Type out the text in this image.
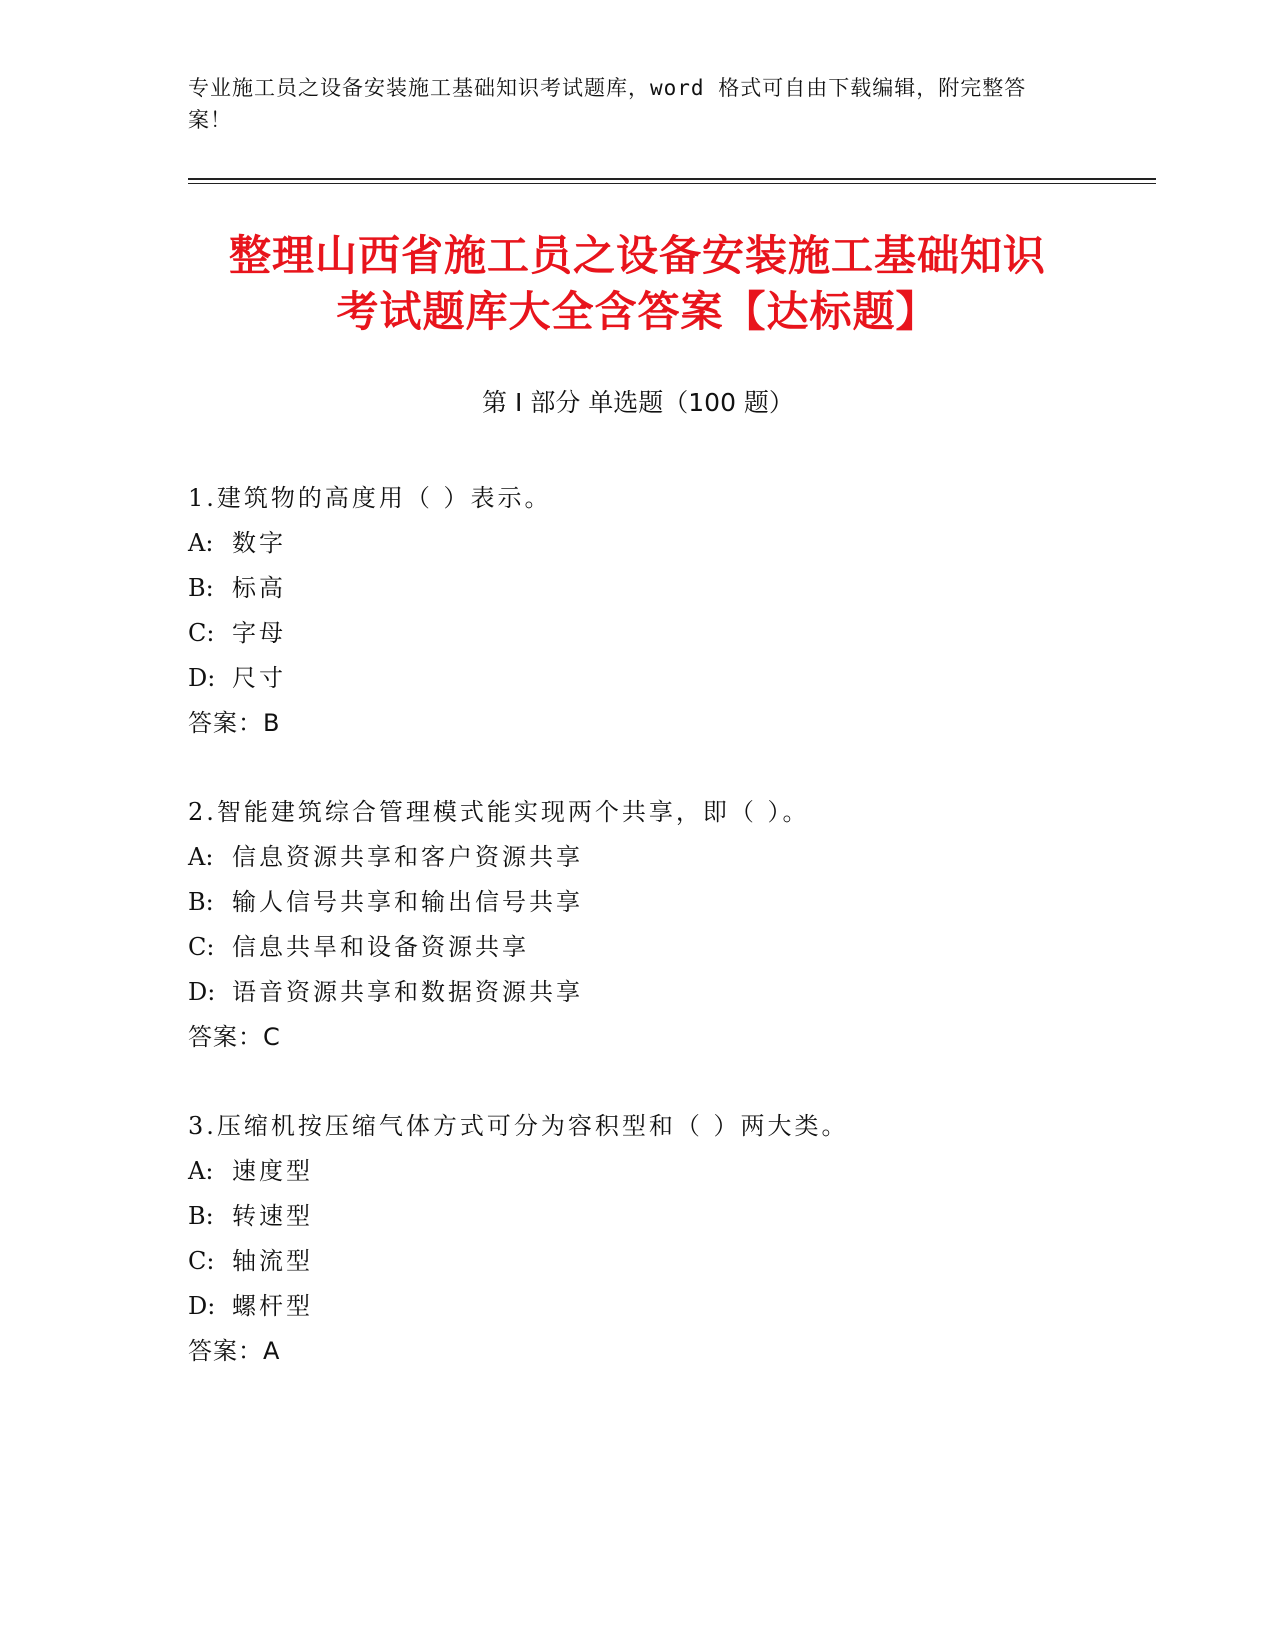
专业施工员之设备安装施工基础知识考试题库，word 格式可自由下载编辑，附完整答案！
整理山西省施工员之设备安装施工基础知识
考试题库大全含答案【达标题】
第 I 部分 单选题（100 题）
1.建筑物的高度用（ ）表示。
A: 数字
B: 标高
C: 字母
D: 尺寸
答案：B
2.智能建筑综合管理模式能实现两个共享，即（ ）。
A: 信息资源共享和客户资源共享
B: 输人信号共享和输出信号共享
C: 信息共旱和设备资源共享
D: 语音资源共享和数据资源共享
答案：C
3.压缩机按压缩气体方式可分为容积型和（ ）两大类。
A: 速度型
B: 转速型
C: 轴流型
D: 螺杆型
答案：A
